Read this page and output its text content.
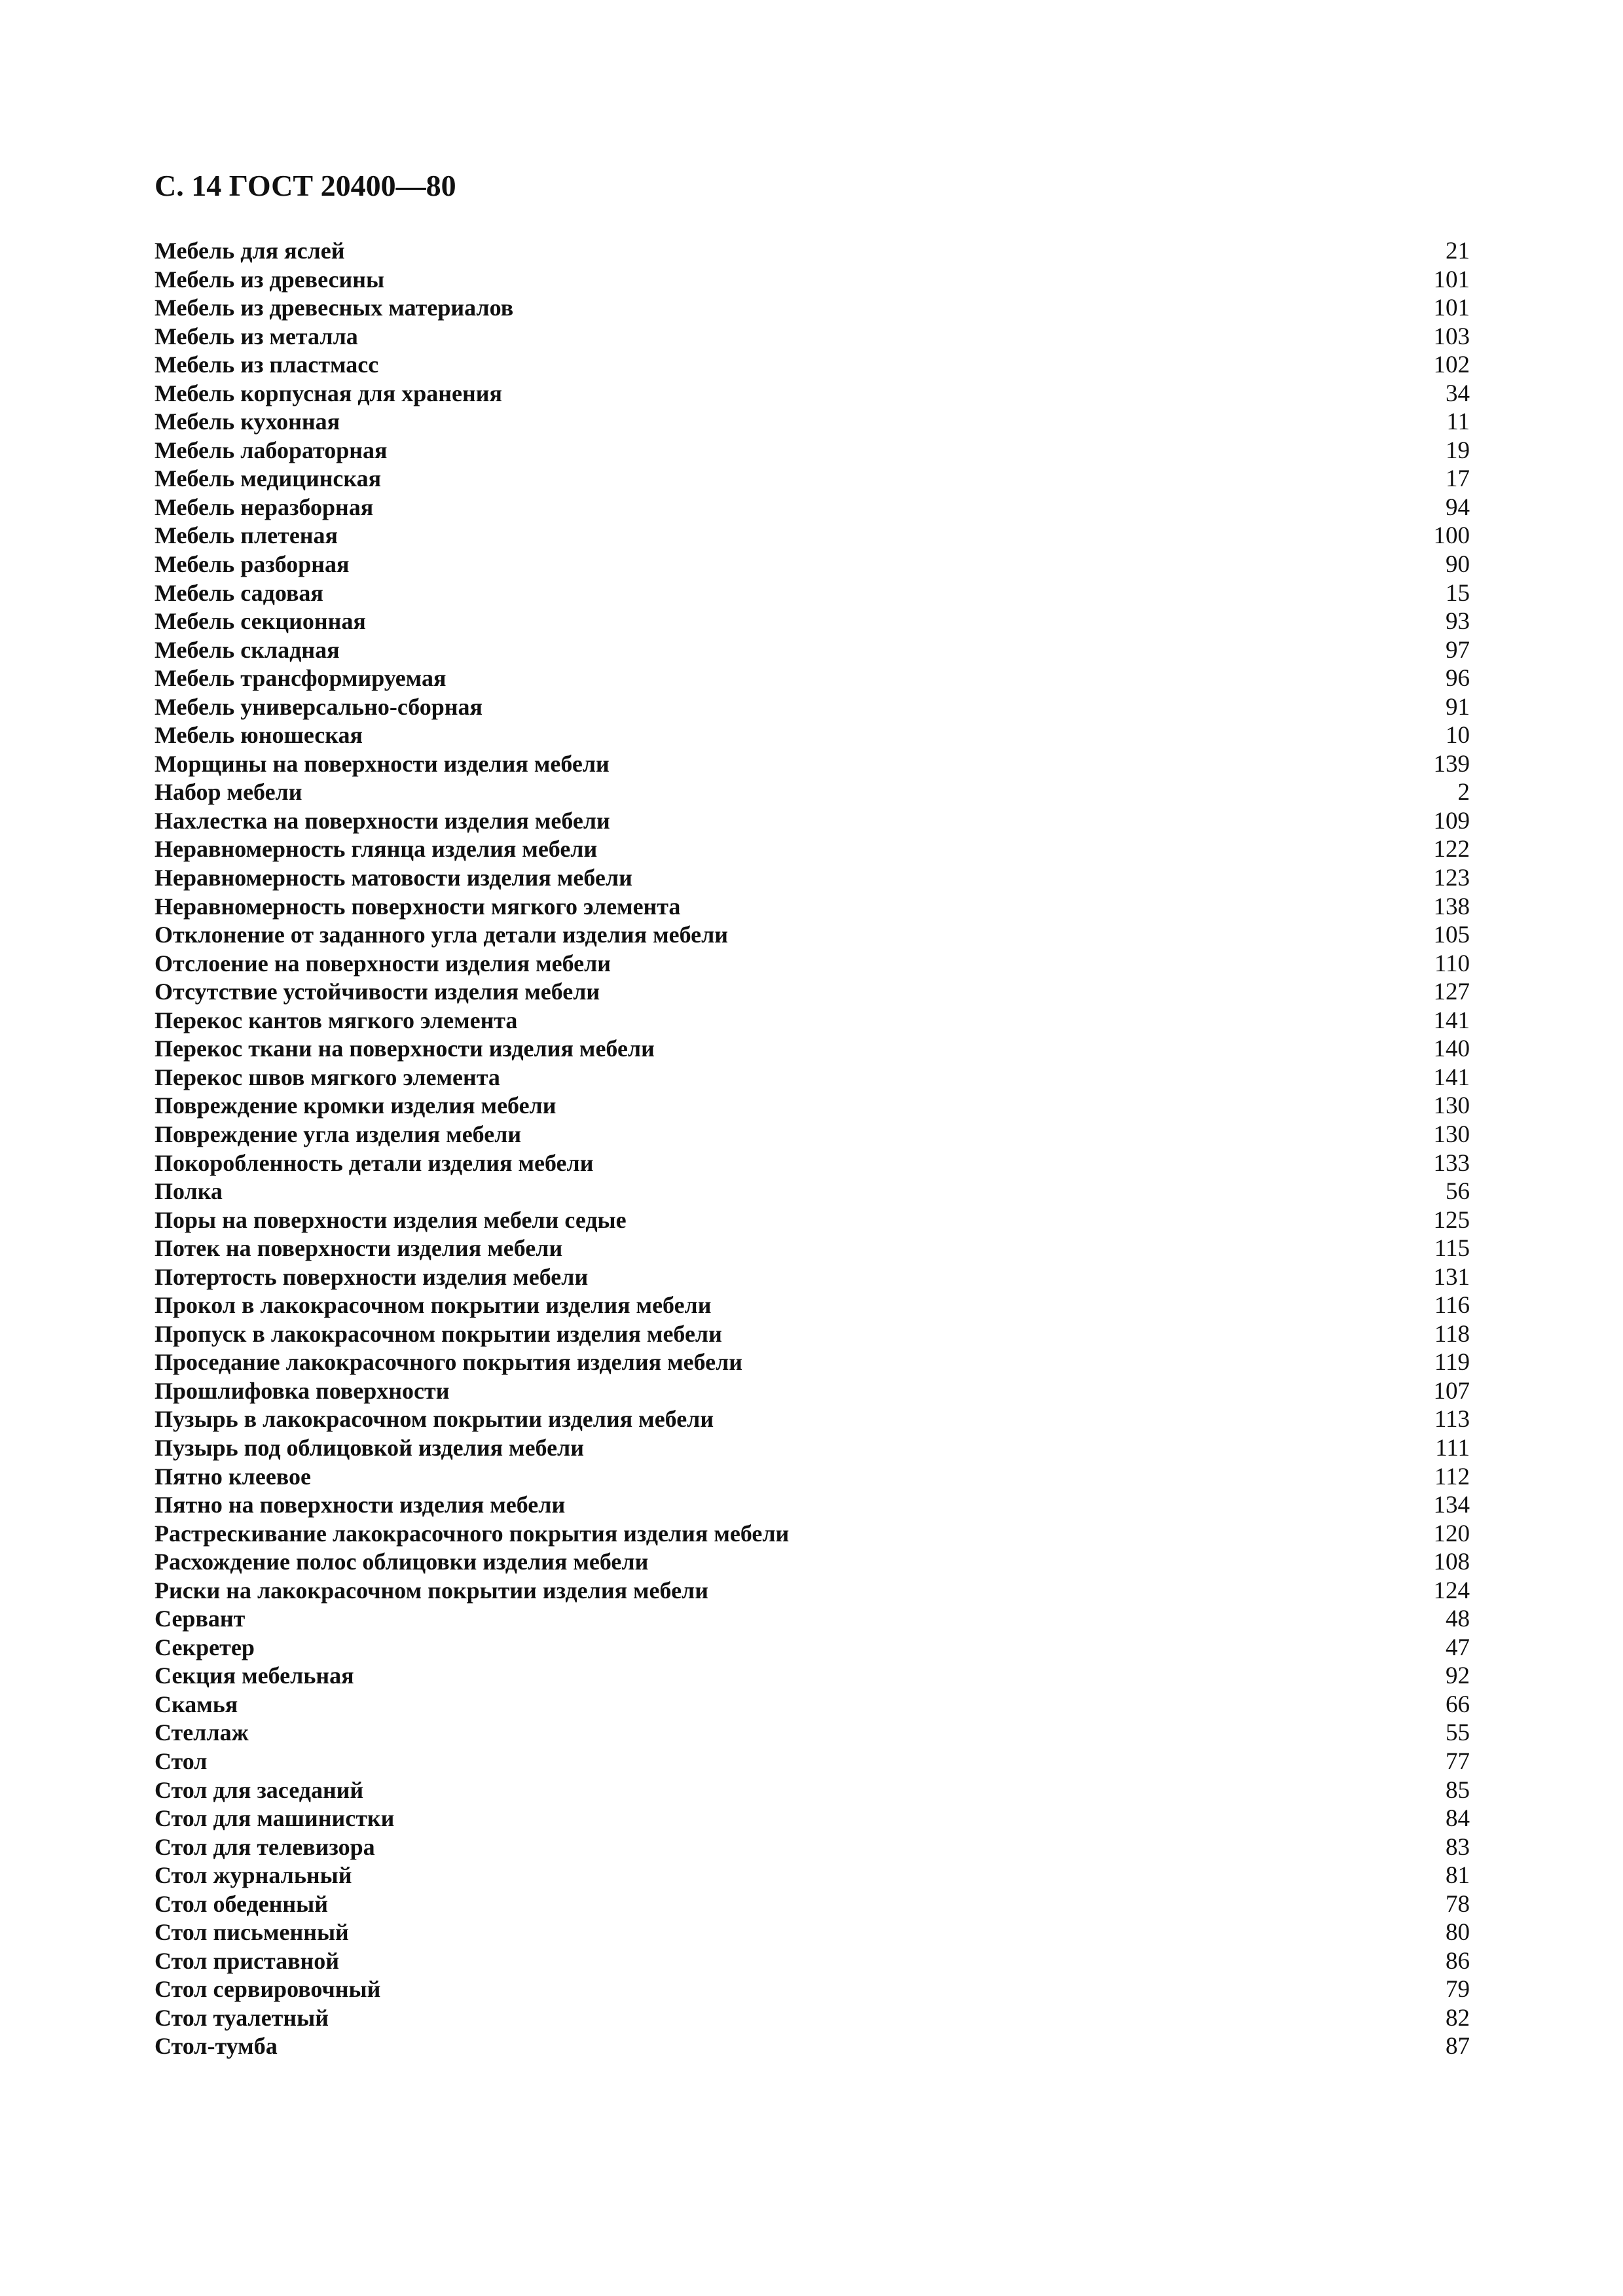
С. 14 ГОСТ 20400—80
Мебель для яслей	21
Мебель из древесины	101
Мебель из древесных материалов	101
Мебель из металла	103
Мебель из пластмасс	102
Мебель корпусная для хранения	34
Мебель кухонная	11
Мебель лабораторная	19
Мебель медицинская	17
Мебель неразборная	94
Мебель плетеная	100
Мебель разборная	90
Мебель садовая	15
Мебель секционная	93
Мебель складная	97
Мебель трансформируемая	96
Мебель универсально-сборная	91
Мебель юношеская	10
Морщины на поверхности изделия мебели	139
Набор мебели	2
Нахлестка на поверхности изделия мебели	109
Неравномерность глянца изделия мебели	122
Неравномерность матовости изделия мебели	123
Неравномерность поверхности мягкого элемента	138
Отклонение от заданного угла детали изделия мебели	105
Отслоение на поверхности изделия мебели	110
Отсутствие устойчивости изделия мебели	127
Перекос кантов мягкого элемента	141
Перекос ткани на поверхности изделия мебели	140
Перекос швов мягкого элемента	141
Повреждение кромки изделия мебели	130
Повреждение угла изделия мебели	130
Покоробленность детали изделия мебели	133
Полка	56
Поры на поверхности изделия мебели седые	125
Потек на поверхности изделия мебели	115
Потертость поверхности изделия мебели	131
Прокол в лакокрасочном покрытии изделия мебели	116
Пропуск в лакокрасочном покрытии изделия мебели	118
Проседание лакокрасочного покрытия изделия мебели	119
Прошлифовка поверхности	107
Пузырь в лакокрасочном покрытии изделия мебели	113
Пузырь под облицовкой изделия мебели	111
Пятно клеевое	112
Пятно на поверхности изделия мебели	134
Растрескивание лакокрасочного покрытия изделия мебели	120
Расхождение полос облицовки изделия мебели	108
Риски на лакокрасочном покрытии изделия мебели	124
Сервант	48
Секретер	47
Секция мебельная	92
Скамья	66
Стеллаж	55
Стол	77
Стол для заседаний	85
Стол для машинистки	84
Стол для телевизора	83
Стол журнальный	81
Стол обеденный	78
Стол письменный	80
Стол приставной	86
Стол сервировочный	79
Стол туалетный	82
Стол-тумба	87
